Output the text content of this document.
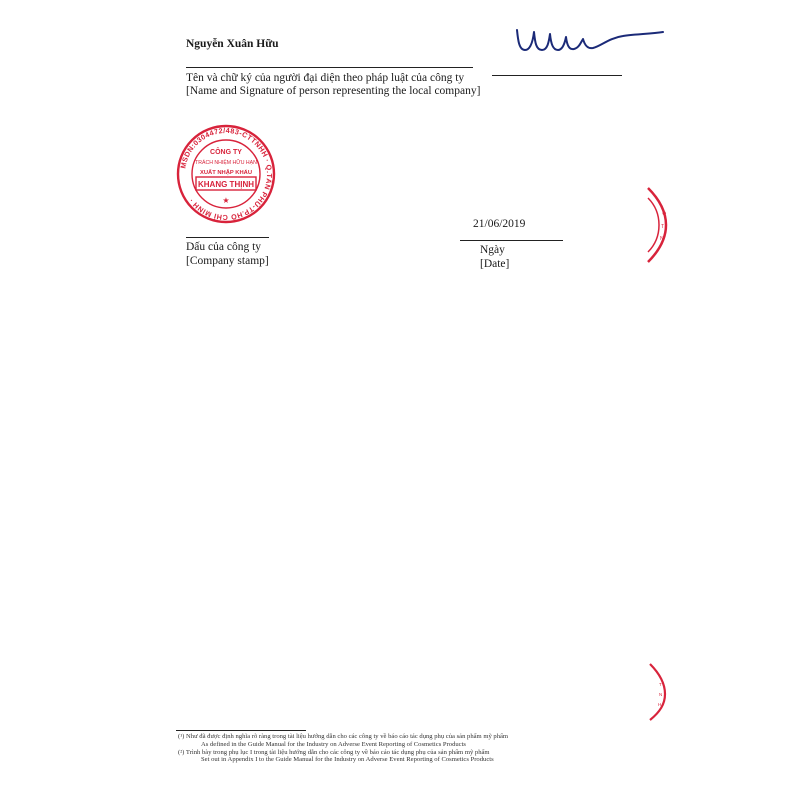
Nguyễn Xuân Hữu
Tên và chữ ký của người đại diện theo pháp luật của công ty
[Name and Signature of person representing the local company]
MSDN:0304472/483-CTTNHH · Q.TÂN PHÚ-TP.HỒ CHÍ MINH ·
CÔNG TY
TRÁCH NHIỆM HỮU HẠN
XUẤT NHẬP KHẨU
KHANG THỊNH
★
Dấu của công ty
[Company stamp]
21/06/2019
Ngày
[Date]
C
T
N
T
N
H
(¹) Như đã được định nghĩa rõ ràng trong tài liệu hướng dẫn cho các công ty về báo cáo tác dụng phụ của sản phẩm mỹ phẩm
As defined in the Guide Manual for the Industry on Adverse Event Reporting of Cosmetics Products
(²) Trình bày trong phụ lục I trong tài liệu hướng dẫn cho các công ty về báo cáo tác dụng phụ của sản phẩm mỹ phẩm
Set out in Appendix I to the Guide Manual for the Industry on Adverse Event Reporting of Cosmetics Products
